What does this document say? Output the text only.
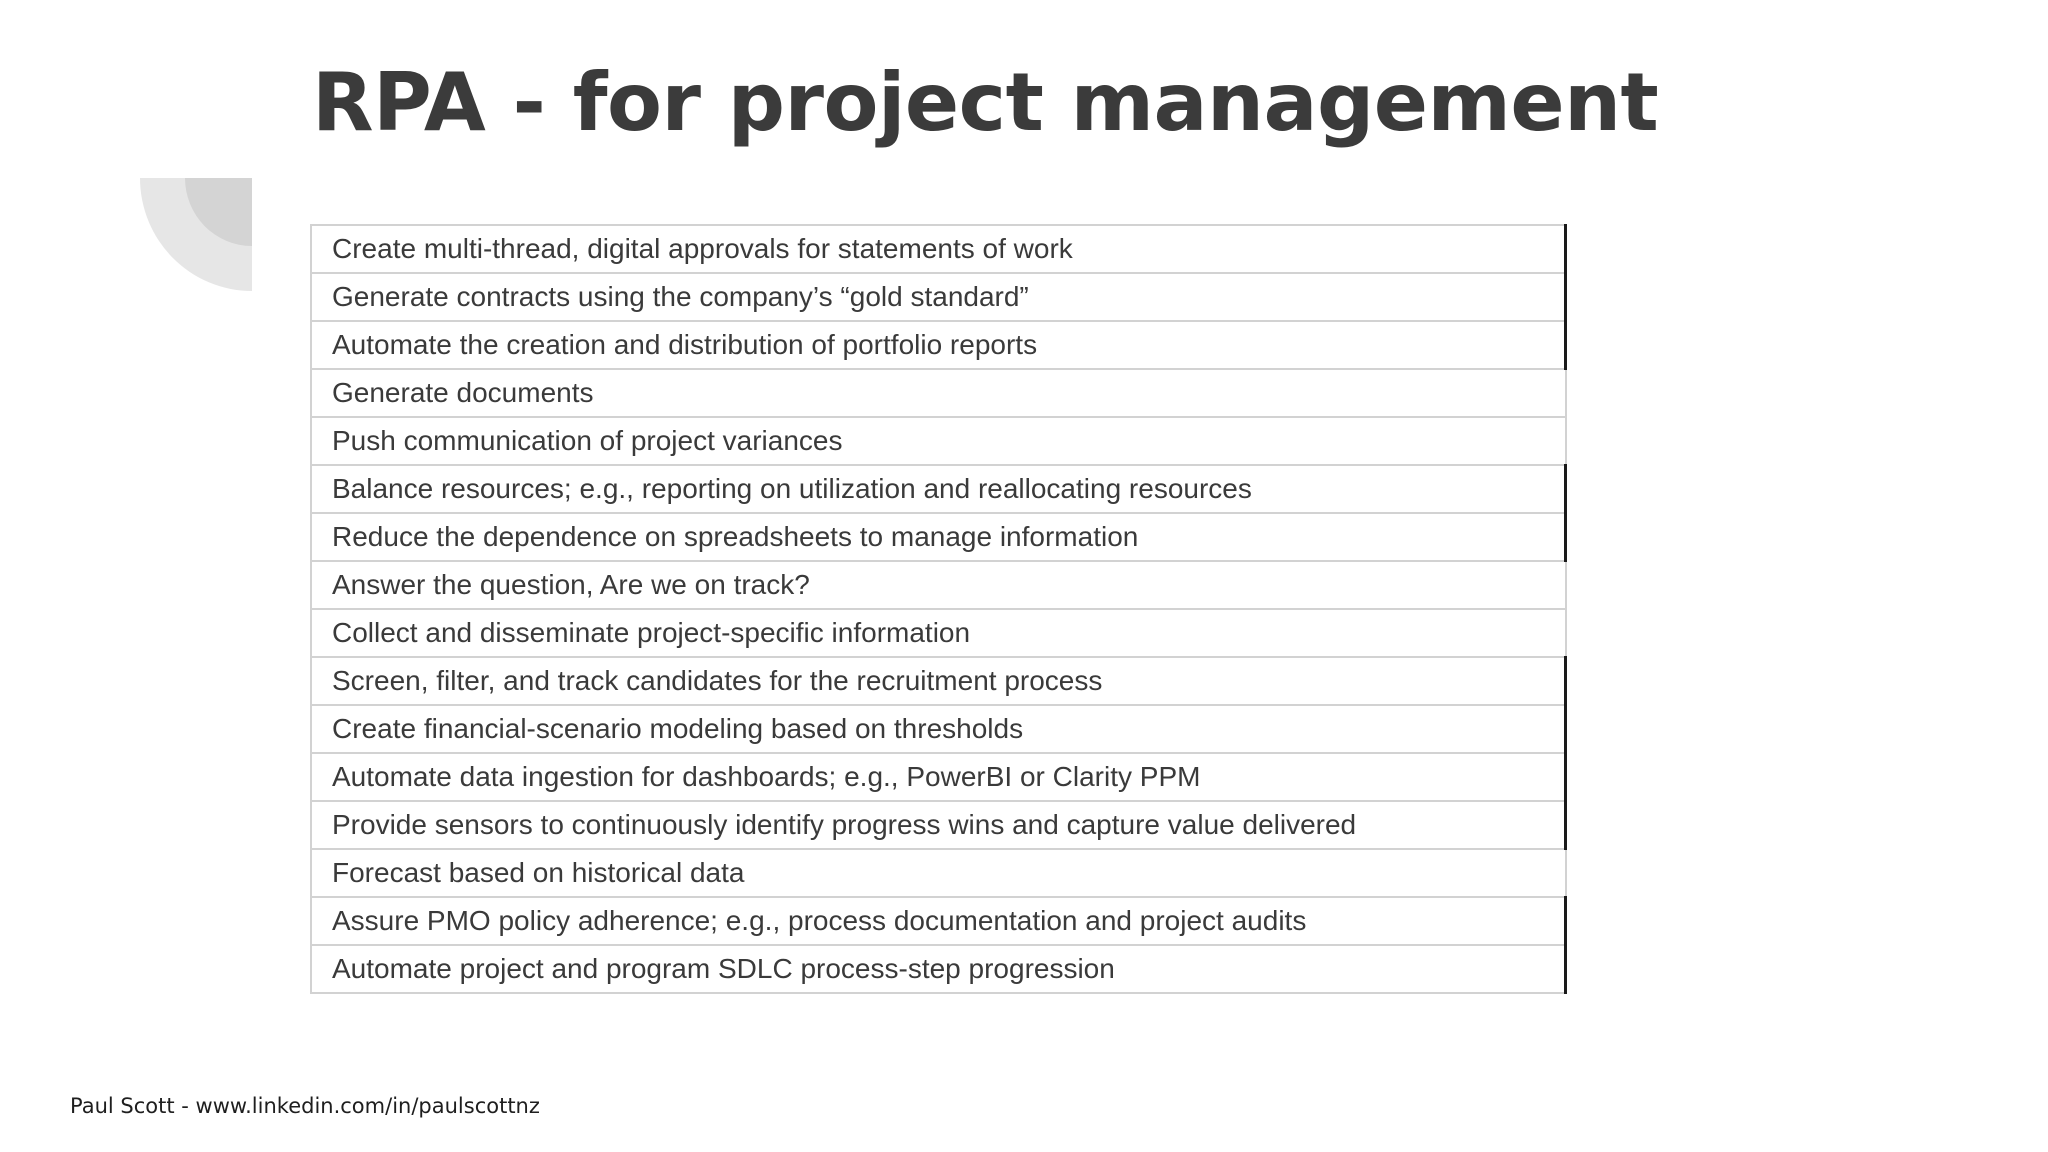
RPA - for project management
Create multi-thread, digital approvals for statements of work
Generate contracts using the company’s “gold standard”
Automate the creation and distribution of portfolio reports
Generate documents
Push communication of project variances
Balance resources; e.g., reporting on utilization and reallocating resources
Reduce the dependence on spreadsheets to manage information
Answer the question, Are we on track?
Collect and disseminate project-specific information
Screen, filter, and track candidates for the recruitment process
Create financial-scenario modeling based on thresholds
Automate data ingestion for dashboards; e.g., PowerBI or Clarity PPM
Provide sensors to continuously identify progress wins and capture value delivered
Forecast based on historical data
Assure PMO policy adherence; e.g., process documentation and project audits
Automate project and program SDLC process-step progression
Paul Scott - www.linkedin.com/in/paulscottnz
